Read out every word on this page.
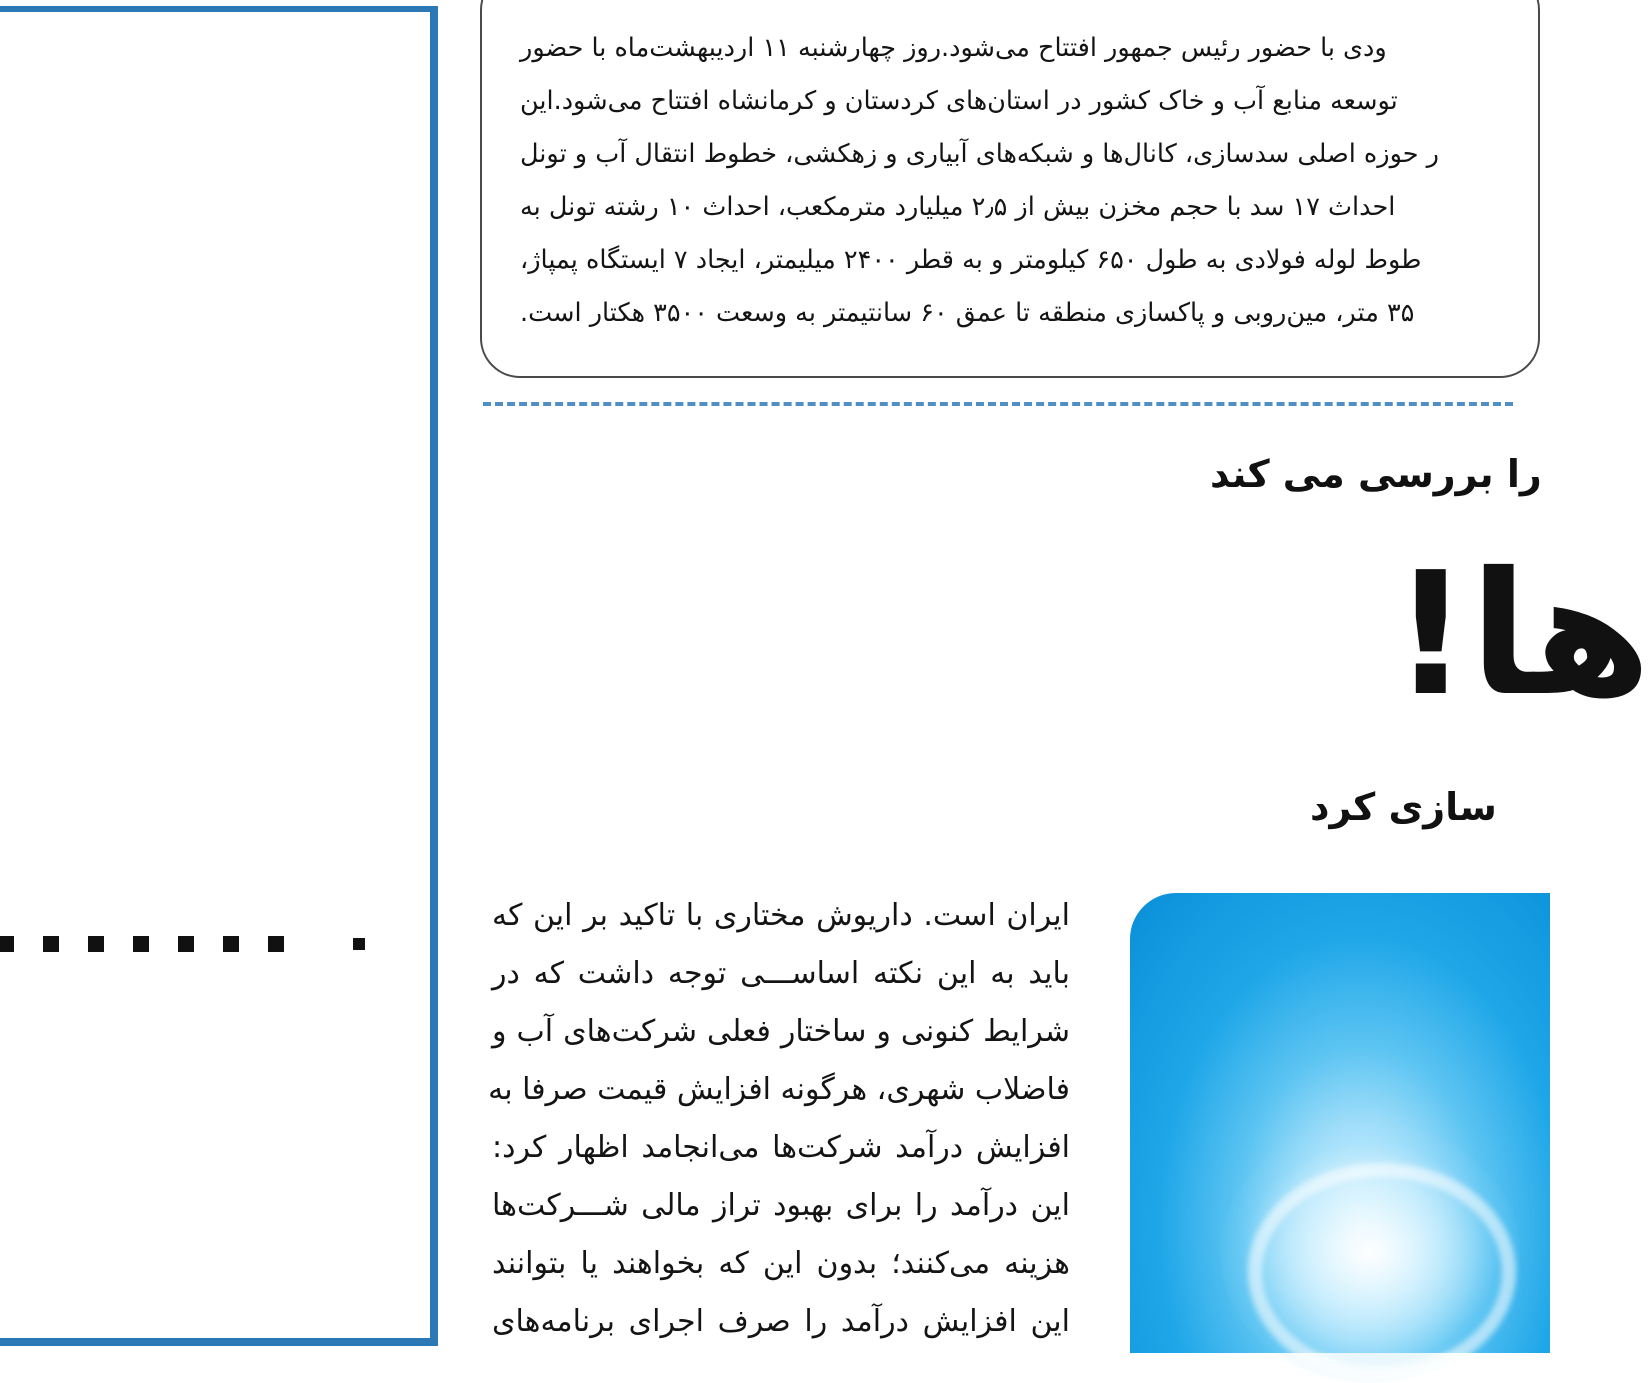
ودی با حضور رئیس جمهور افتتاح می‌شود.روز چهارشنبه ۱۱ اردیبهشت‌ماه با حضور
توسعه منابع آب و خاک کشور در استان‌های کردستان و کرمانشاه افتتاح می‌شود.این
ر حوزه اصلی سدسازی، کانال‌ها و شبکه‌های آبیاری و زهکشی، خطوط انتقال آب و تونل
احداث ۱۷ سد با حجم مخزن بیش از ۲٫۵ میلیارد مترمکعب، احداث ۱۰ رشته تونل به
طوط لوله فولادی به طول ۶۵۰ کیلومتر و به قطر ۲۴۰۰ میلیمتر، ایجاد ۷ ایستگاه پمپاژ،
۳۵ متر، مین‌روبی و پاکسازی منطقه تا عمق ۶۰ سانتیمتر به وسعت ۳۵۰۰ هکتار است.
را بررسی می کند
ها!
سازی کرد
ایران است. داریوش مختاری با تاکید بر این که
باید به این نکته اساســـی توجه داشت که در
شرایط کنونی و ساختار فعلی شرکت‌های آب و
فاضلاب شهری، هرگونه افزایش قیمت صرفا به
افزایش درآمد شرکت‌ها می‌انجامد اظهار کرد:
این درآمد را برای بهبود تراز مالی شـــرکت‌ها
هزینه می‌کنند؛ بدون این که بخواهند یا بتوانند
این افزایش درآمد را صرف اجرای برنامه‌های
